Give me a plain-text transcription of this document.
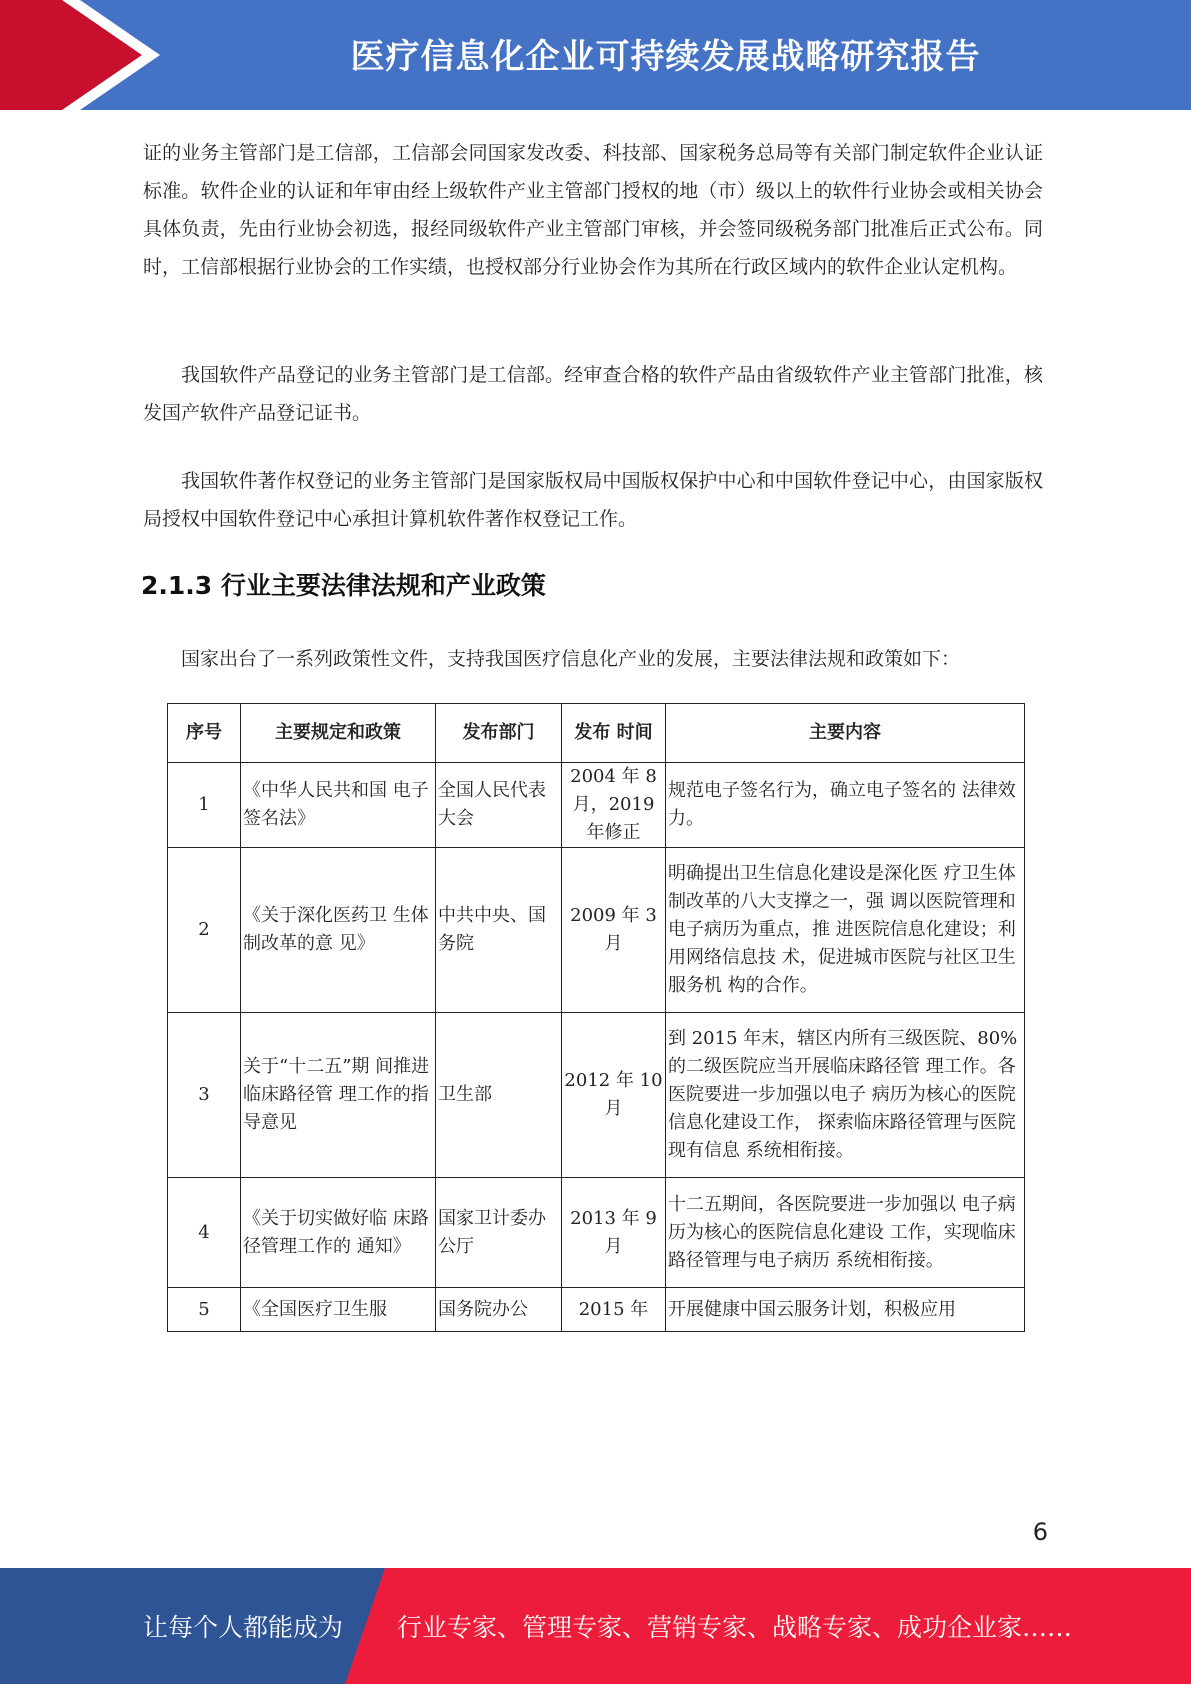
医疗信息化企业可持续发展战略研究报告

证的业务主管部门是工信部，工信部会同国家发改委、科技部、国家税务总局等有关部门制定软件企业认证标准。软件企业的认证和年审由经上级软件产业主管部门授权的地（市）级以上的软件行业协会或相关协会具体负责，先由行业协会初选，报经同级软件产业主管部门审核，并会签同级税务部门批准后正式公布。同时，工信部根据行业协会的工作实绩，也授权部分行业协会作为其所在行政区域内的软件企业认定机构。

我国软件产品登记的业务主管部门是工信部。经审查合格的软件产品由省级软件产业主管部门批准，核发国产软件产品登记证书。

我国软件著作权登记的业务主管部门是国家版权局中国版权保护中心和中国软件登记中心，由国家版权局授权中国软件登记中心承担计算机软件著作权登记工作。

2.1.3 行业主要法律法规和产业政策

国家出台了一系列政策性文件，支持我国医疗信息化产业的发展，主要法律法规和政策如下：

序号	主要规定和政策	发布部门	发布 时间	主要内容
1	《中华人民共和国 电子签名法》	全国人民代表大会	2004 年 8 月，2019 年修正	规范电子签名行为，确立电子签名的 法律效力。
2	《关于深化医药卫 生体制改革的意 见》	中共中央、国务院	2009 年 3 月	明确提出卫生信息化建设是深化医 疗卫生体制改革的八大支撑之一，强 调以医院管理和电子病历为重点，推 进医院信息化建设；利用网络信息技 术，促进城市医院与社区卫生服务机 构的合作。
3	关于“十二五”期 间推进临床路径管 理工作的指导意见	卫生部	2012 年 10 月	到 2015 年末，辖区内所有三级医院、80%的二级医院应当开展临床路径管 理工作。各医院要进一步加强以电子 病历为核心的医院信息化建设工作， 探索临床路径管理与医院现有信息 系统相衔接。
4	《关于切实做好临 床路径管理工作的 通知》	国家卫计委办公厅	2013 年 9 月	十二五期间，各医院要进一步加强以 电子病历为核心的医院信息化建设 工作，实现临床路径管理与电子病历 系统相衔接。
5	《全国医疗卫生服	国务院办公	2015 年	开展健康中国云服务计划，积极应用
6
让每个人都能成为 行业专家、管理专家、营销专家、战略专家、成功企业家……
